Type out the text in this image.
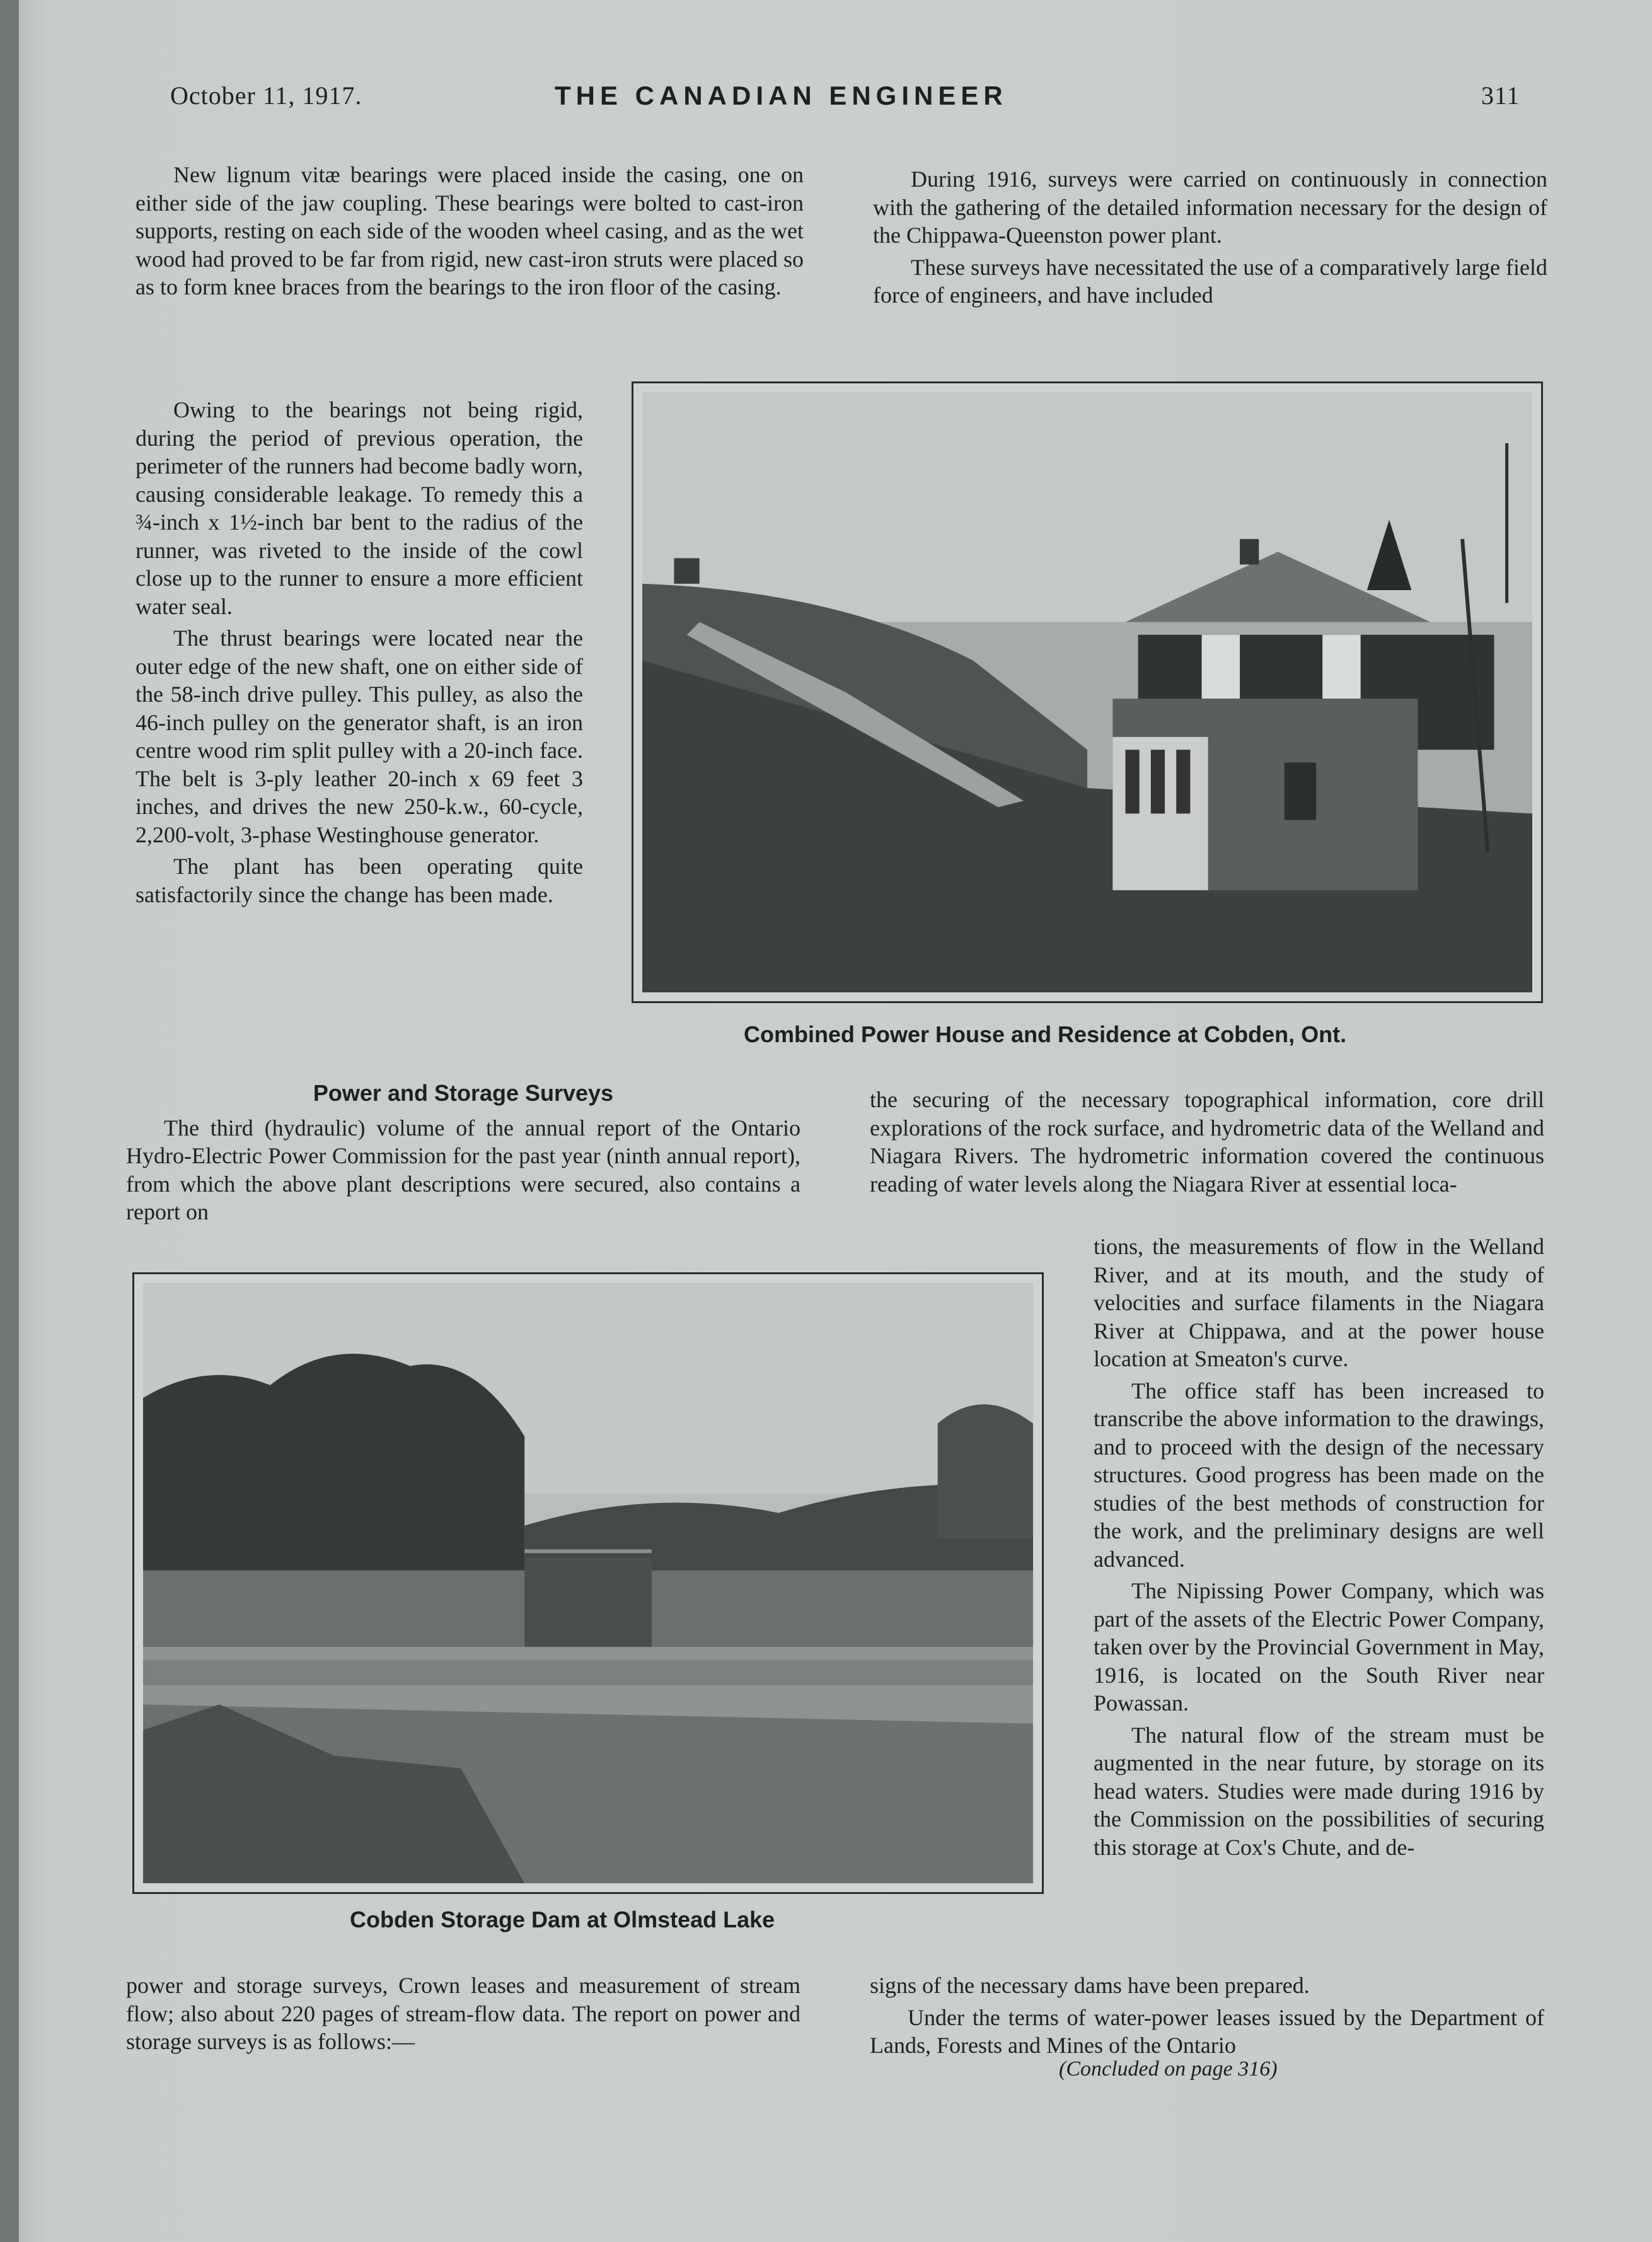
October 11, 1917.	THE CANADIAN ENGINEER	311

New lignum vitæ bearings were placed inside the casing, one on either side of the jaw coupling. These bearings were bolted to cast-iron supports, resting on each side of the wooden wheel casing, and as the wet wood had proved to be far from rigid, new cast-iron struts were placed so as to form knee braces from the bearings to the iron floor of the casing.

Owing to the bearings not being rigid, during the period of previous operation, the perimeter of the runners had become badly worn, causing considerable leakage. To remedy this a ¾-inch x 1½-inch bar bent to the radius of the runner, was riveted to the inside of the cowl close up to the runner to ensure a more efficient water seal.

The thrust bearings were located near the outer edge of the new shaft, one on either side of the 58-inch drive pulley. This pulley, as also the 46-inch pulley on the generator shaft, is an iron centre wood rim split pulley with a 20-inch face. The belt is 3-ply leather 20-inch x 69 feet 3 inches, and drives the new 250-k.w., 60-cycle, 2,200-volt, 3-phase Westinghouse generator.

The plant has been operating quite satisfactorily since the change has been made.

Power and Storage Surveys

The third (hydraulic) volume of the annual report of the Ontario Hydro-Electric Power Commission for the past year (ninth annual report), from which the above plant descriptions were secured, also contains a report on

During 1916, surveys were carried on continuously in connection with the gathering of the detailed information necessary for the design of the Chippawa-Queenston power plant.

These surveys have necessitated the use of a comparatively large field force of engineers, and have included

Combined Power House and Residence at Cobden, Ont.

the securing of the necessary topographical information, core drill explorations of the rock surface, and hydrometric data of the Welland and Niagara Rivers. The hydrometric information covered the continuous reading of water levels along the Niagara River at essential loca-

tions, the measurements of flow in the Welland River, and at its mouth, and the study of velocities and surface filaments in the Niagara River at Chippawa, and at the power house location at Smeaton's curve.

The office staff has been increased to transcribe the above information to the drawings, and to proceed with the design of the necessary structures. Good progress has been made on the studies of the best methods of construction for the work, and the preliminary designs are well advanced.

The Nipissing Power Company, which was part of the assets of the Electric Power Company, taken over by the Provincial Government in May, 1916, is located on the South River near Powassan.

The natural flow of the stream must be augmented in the near future, by storage on its head waters. Studies were made during 1916 by the Commission on the possibilities of securing this storage at Cox's Chute, and de-

signs of the necessary dams have been prepared.

Under the terms of water-power leases issued by the Department of Lands, Forests and Mines of the Ontario

(Concluded on page 316)
Cobden Storage Dam at Olmstead Lake

power and storage surveys, Crown leases and measurement of stream flow; also about 220 pages of stream-flow data. The report on power and storage surveys is as follows:—
